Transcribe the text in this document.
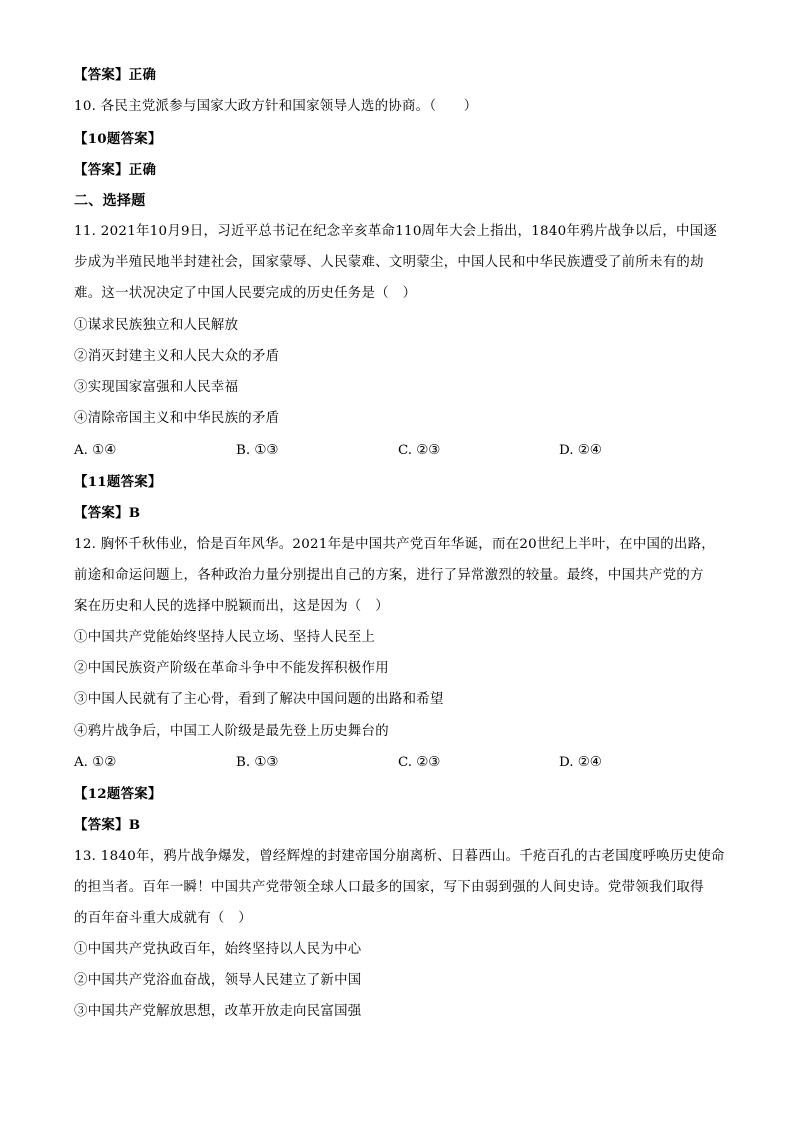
【答案】正确
10. 各民主党派参与国家大政方针和国家领导人选的协商。（　　）
【10题答案】
【答案】正确
二、选择题
11. 2021年10月9日，习近平总书记在纪念辛亥革命110周年大会上指出，1840年鸦片战争以后，中国逐
步成为半殖民地半封建社会，国家蒙辱、人民蒙难、文明蒙尘，中国人民和中华民族遭受了前所未有的劫
难。这一状况决定了中国人民要完成的历史任务是（　）
①谋求民族独立和人民解放
②消灭封建主义和人民大众的矛盾
③实现国家富强和人民幸福
④清除帝国主义和中华民族的矛盾
A. ①④	B. ①③	C. ②③	D. ②④
【11题答案】
【答案】B
12. 胸怀千秋伟业，恰是百年风华。2021年是中国共产党百年华诞，而在20世纪上半叶，在中国的出路，
前途和命运问题上，各种政治力量分别提出自己的方案，进行了异常激烈的较量。最终，中国共产党的方
案在历史和人民的选择中脱颖而出，这是因为（　）
①中国共产党能始终坚持人民立场、坚持人民至上
②中国民族资产阶级在革命斗争中不能发挥积极作用
③中国人民就有了主心骨，看到了解决中国问题的出路和希望
④鸦片战争后，中国工人阶级是最先登上历史舞台的
A. ①②	B. ①③	C. ②③	D. ②④
【12题答案】
【答案】B
13. 1840年，鸦片战争爆发，曾经辉煌的封建帝国分崩离析、日暮西山。千疮百孔的古老国度呼唤历史使命
的担当者。百年一瞬！中国共产党带领全球人口最多的国家，写下由弱到强的人间史诗。党带领我们取得
的百年奋斗重大成就有（　）
①中国共产党执政百年，始终坚持以人民为中心
②中国共产党浴血奋战，领导人民建立了新中国
③中国共产党解放思想，改革开放走向民富国强
